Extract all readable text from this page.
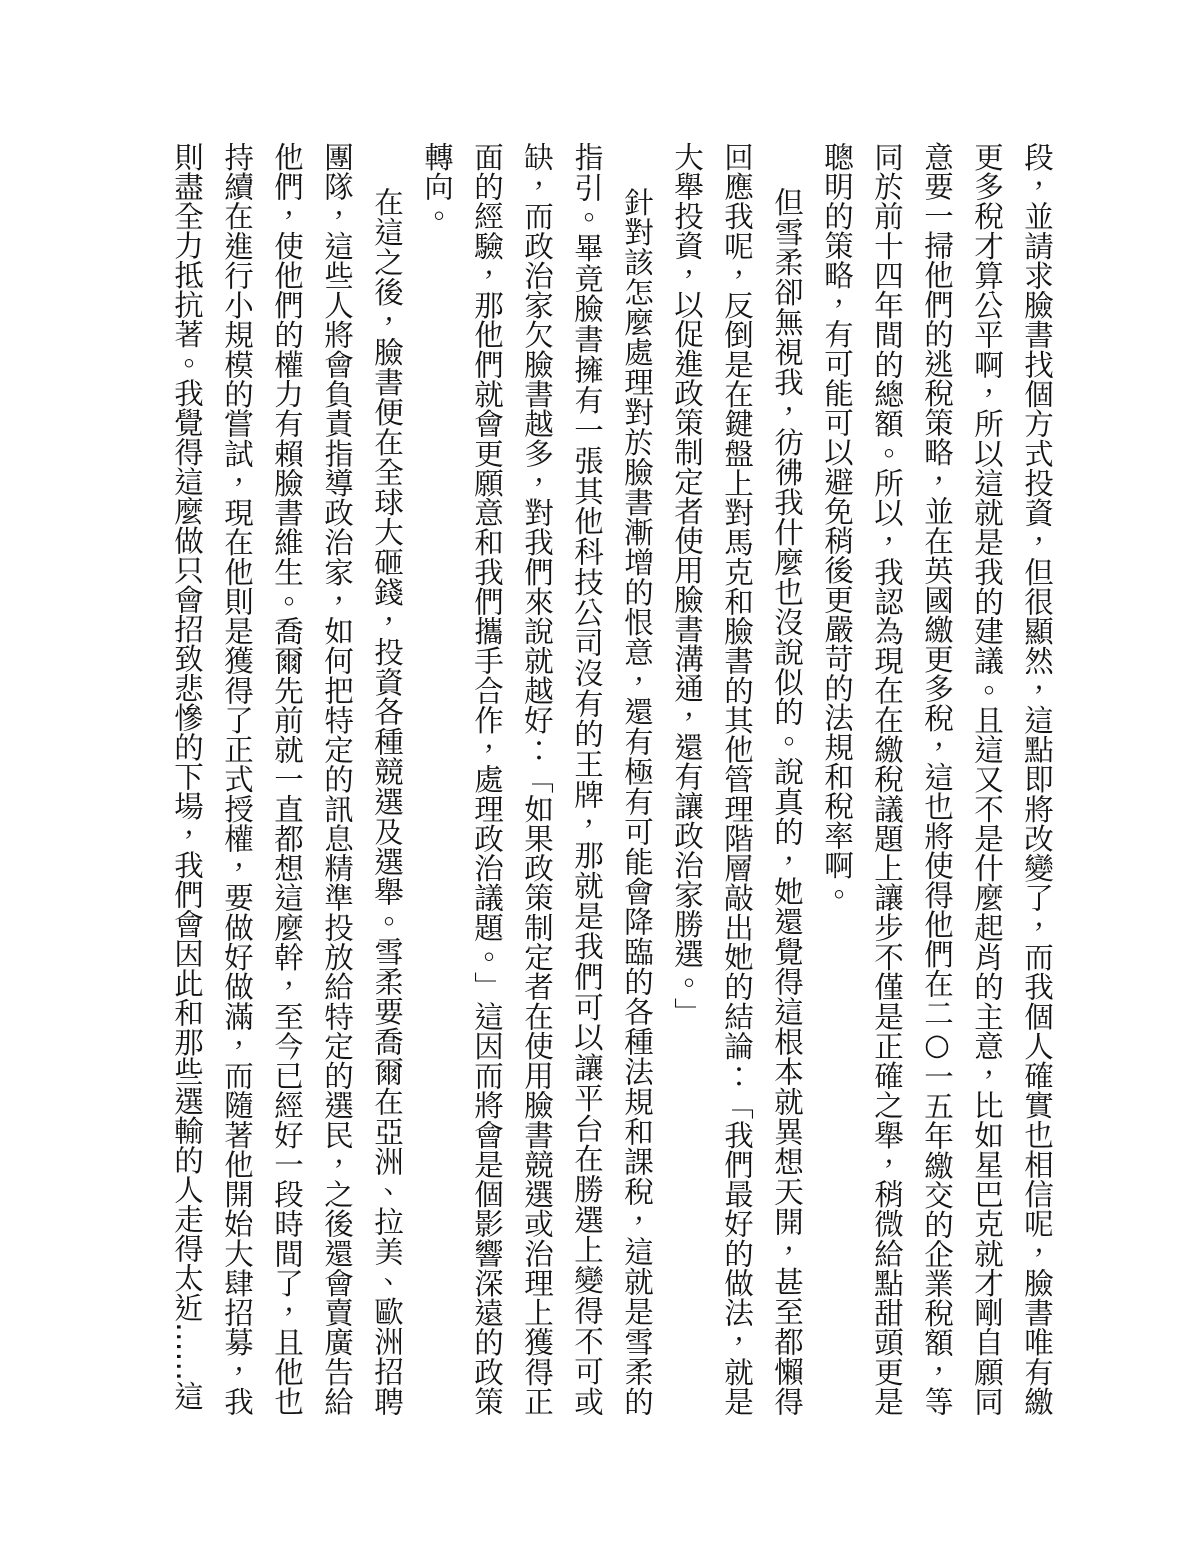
段，並請求臉書找個方式投資，但很顯然，這點即將改變了，而我個人確實也相信呢，臉書唯有繳更多稅才算公平啊，所以這就是我的建議。且這又不是什麼起肖的主意，比如星巴克就才剛自願同意要一掃他們的逃稅策略，並在英國繳更多稅，這也將使得他們在二○一五年繳交的企業稅額，等同於前十四年間的總額。所以，我認為現在在繳稅議題上讓步不僅是正確之舉，稍微給點甜頭更是聰明的策略，有可能可以避免稍後更嚴苛的法規和稅率啊。

但雪柔卻無視我，彷彿我什麼也沒說似的。說真的，她還覺得這根本就異想天開，甚至都懶得回應我呢，反倒是在鍵盤上對馬克和臉書的其他管理階層敲出她的結論：「我們最好的做法，就是大舉投資，以促進政策制定者使用臉書溝通，還有讓政治家勝選。」

針對該怎麼處理對於臉書漸增的恨意，還有極有可能會降臨的各種法規和課稅，這就是雪柔的指引。畢竟臉書擁有一張其他科技公司沒有的王牌，那就是我們可以讓平台在勝選上變得不可或缺，而政治家欠臉書越多，對我們來說就越好：「如果政策制定者在使用臉書競選或治理上獲得正面的經驗，那他們就會更願意和我們攜手合作，處理政治議題。」這因而將會是個影響深遠的政策轉向。

在這之後，臉書便在全球大砸錢，投資各種競選及選舉。雪柔要喬爾在亞洲、拉美、歐洲招聘團隊，這些人將會負責指導政治家，如何把特定的訊息精準投放給特定的選民，之後還會賣廣告給他們，使他們的權力有賴臉書維生。喬爾先前就一直都想這麼幹，至今已經好一段時間了，且他也持續在進行小規模的嘗試，現在他則是獲得了正式授權，要做好做滿，而隨著他開始大肆招募，我則盡全力抵抗著。我覺得這麼做只會招致悲慘的下場，我們會因此和那些選輸的人走得太近……這
